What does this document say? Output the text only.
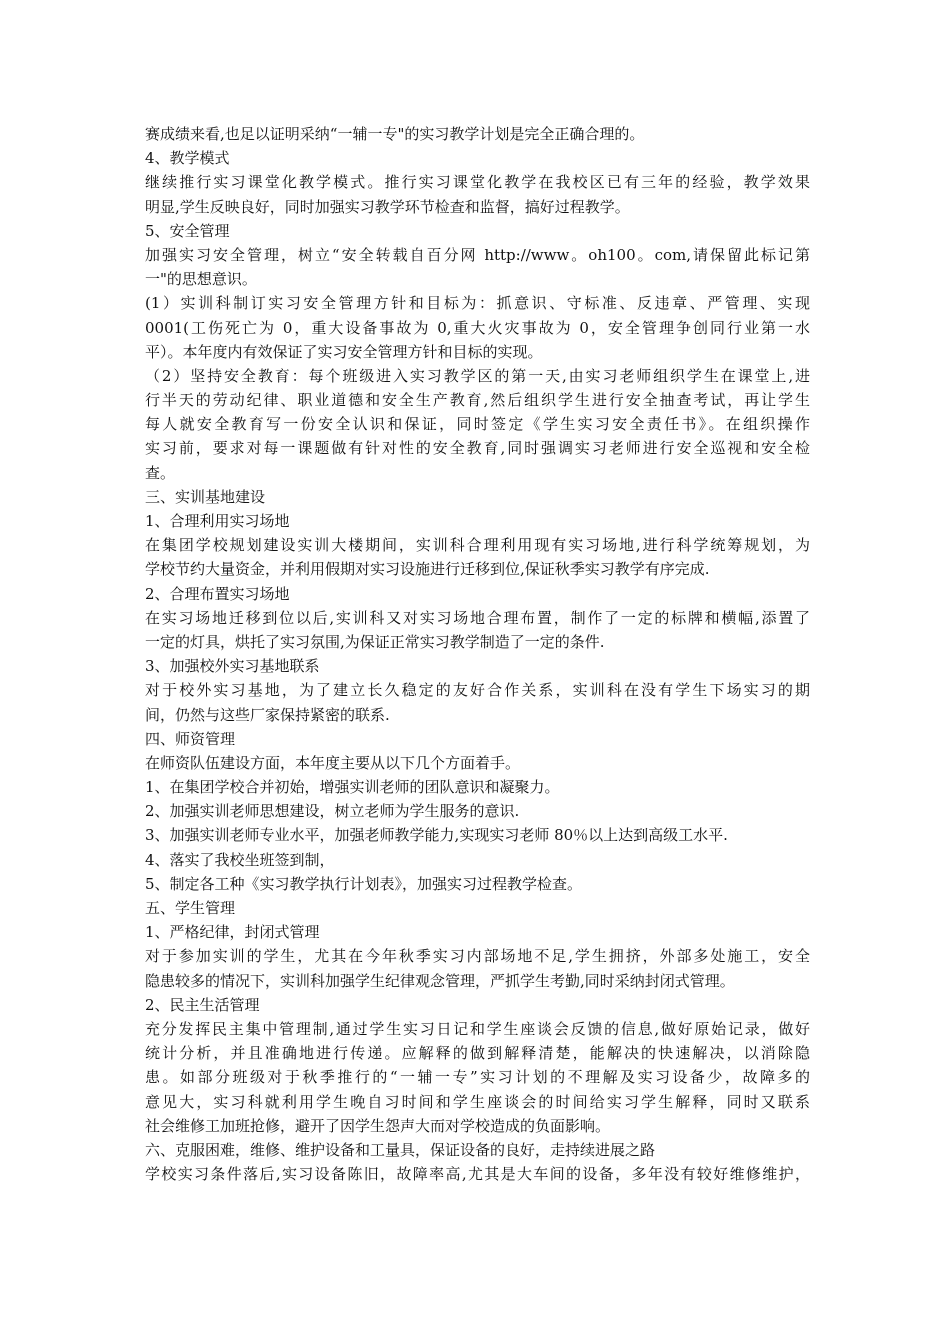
赛成绩来看,也足以证明采纳“一辅一专"的实习教学计划是完全正确合理的。
4、教学模式
继续推行实习课堂化教学模式。推行实习课堂化教学在我校区已有三年的经验，教学效果
明显,学生反映良好，同时加强实习教学环节检查和监督，搞好过程教学。
5、安全管理
加强实习安全管理，树立“安全转载自百分网 http://www。oh100。com,请保留此标记第
一"的思想意识。
(1）实训科制订实习安全管理方针和目标为：抓意识、守标准、反违章、严管理、实现
0001(工伤死亡为 0，重大设备事故为 0,重大火灾事故为 0，安全管理争创同行业第一水
平）。本年度内有效保证了实习安全管理方针和目标的实现。
（2）坚持安全教育：每个班级进入实习教学区的第一天,由实习老师组织学生在课堂上,进
行半天的劳动纪律、职业道德和安全生产教育,然后组织学生进行安全抽查考试，再让学生
每人就安全教育写一份安全认识和保证，同时签定《学生实习安全责任书》。在组织操作
实习前，要求对每一课题做有针对性的安全教育,同时强调实习老师进行安全巡视和安全检
查。
三、实训基地建设
1、合理利用实习场地
在集团学校规划建设实训大楼期间，实训科合理利用现有实习场地,进行科学统筹规划，为
学校节约大量资金，并利用假期对实习设施进行迁移到位,保证秋季实习教学有序完成.
2、合理布置实习场地
在实习场地迁移到位以后,实训科又对实习场地合理布置，制作了一定的标牌和横幅,添置了
一定的灯具，烘托了实习氛围,为保证正常实习教学制造了一定的条件.
3、加强校外实习基地联系
对于校外实习基地，为了建立长久稳定的友好合作关系，实训科在没有学生下场实习的期
间，仍然与这些厂家保持紧密的联系.
四、师资管理
在师资队伍建设方面，本年度主要从以下几个方面着手。
1、在集团学校合并初始，增强实训老师的团队意识和凝聚力。
2、加强实训老师思想建设，树立老师为学生服务的意识.
3、加强实训老师专业水平，加强老师教学能力,实现实习老师 80％以上达到高级工水平.
4、落实了我校坐班签到制，
5、制定各工种《实习教学执行计划表》，加强实习过程教学检查。
五、学生管理
1、严格纪律，封闭式管理
对于参加实训的学生，尤其在今年秋季实习内部场地不足,学生拥挤，外部多处施工，安全
隐患较多的情况下，实训科加强学生纪律观念管理，严抓学生考勤,同时采纳封闭式管理。
2、民主生活管理
充分发挥民主集中管理制,通过学生实习日记和学生座谈会反馈的信息,做好原始记录，做好
统计分析，并且准确地进行传递。应解释的做到解释清楚，能解决的快速解决，以消除隐
患。如部分班级对于秋季推行的“一辅一专”实习计划的不理解及实习设备少，故障多的
意见大，实习科就利用学生晚自习时间和学生座谈会的时间给实习学生解释，同时又联系
社会维修工加班抢修，避开了因学生怨声大而对学校造成的负面影响。
六、克服困难，维修、维护设备和工量具，保证设备的良好，走持续进展之路
学校实习条件落后,实习设备陈旧，故障率高,尤其是大车间的设备，多年没有较好维修维护，
